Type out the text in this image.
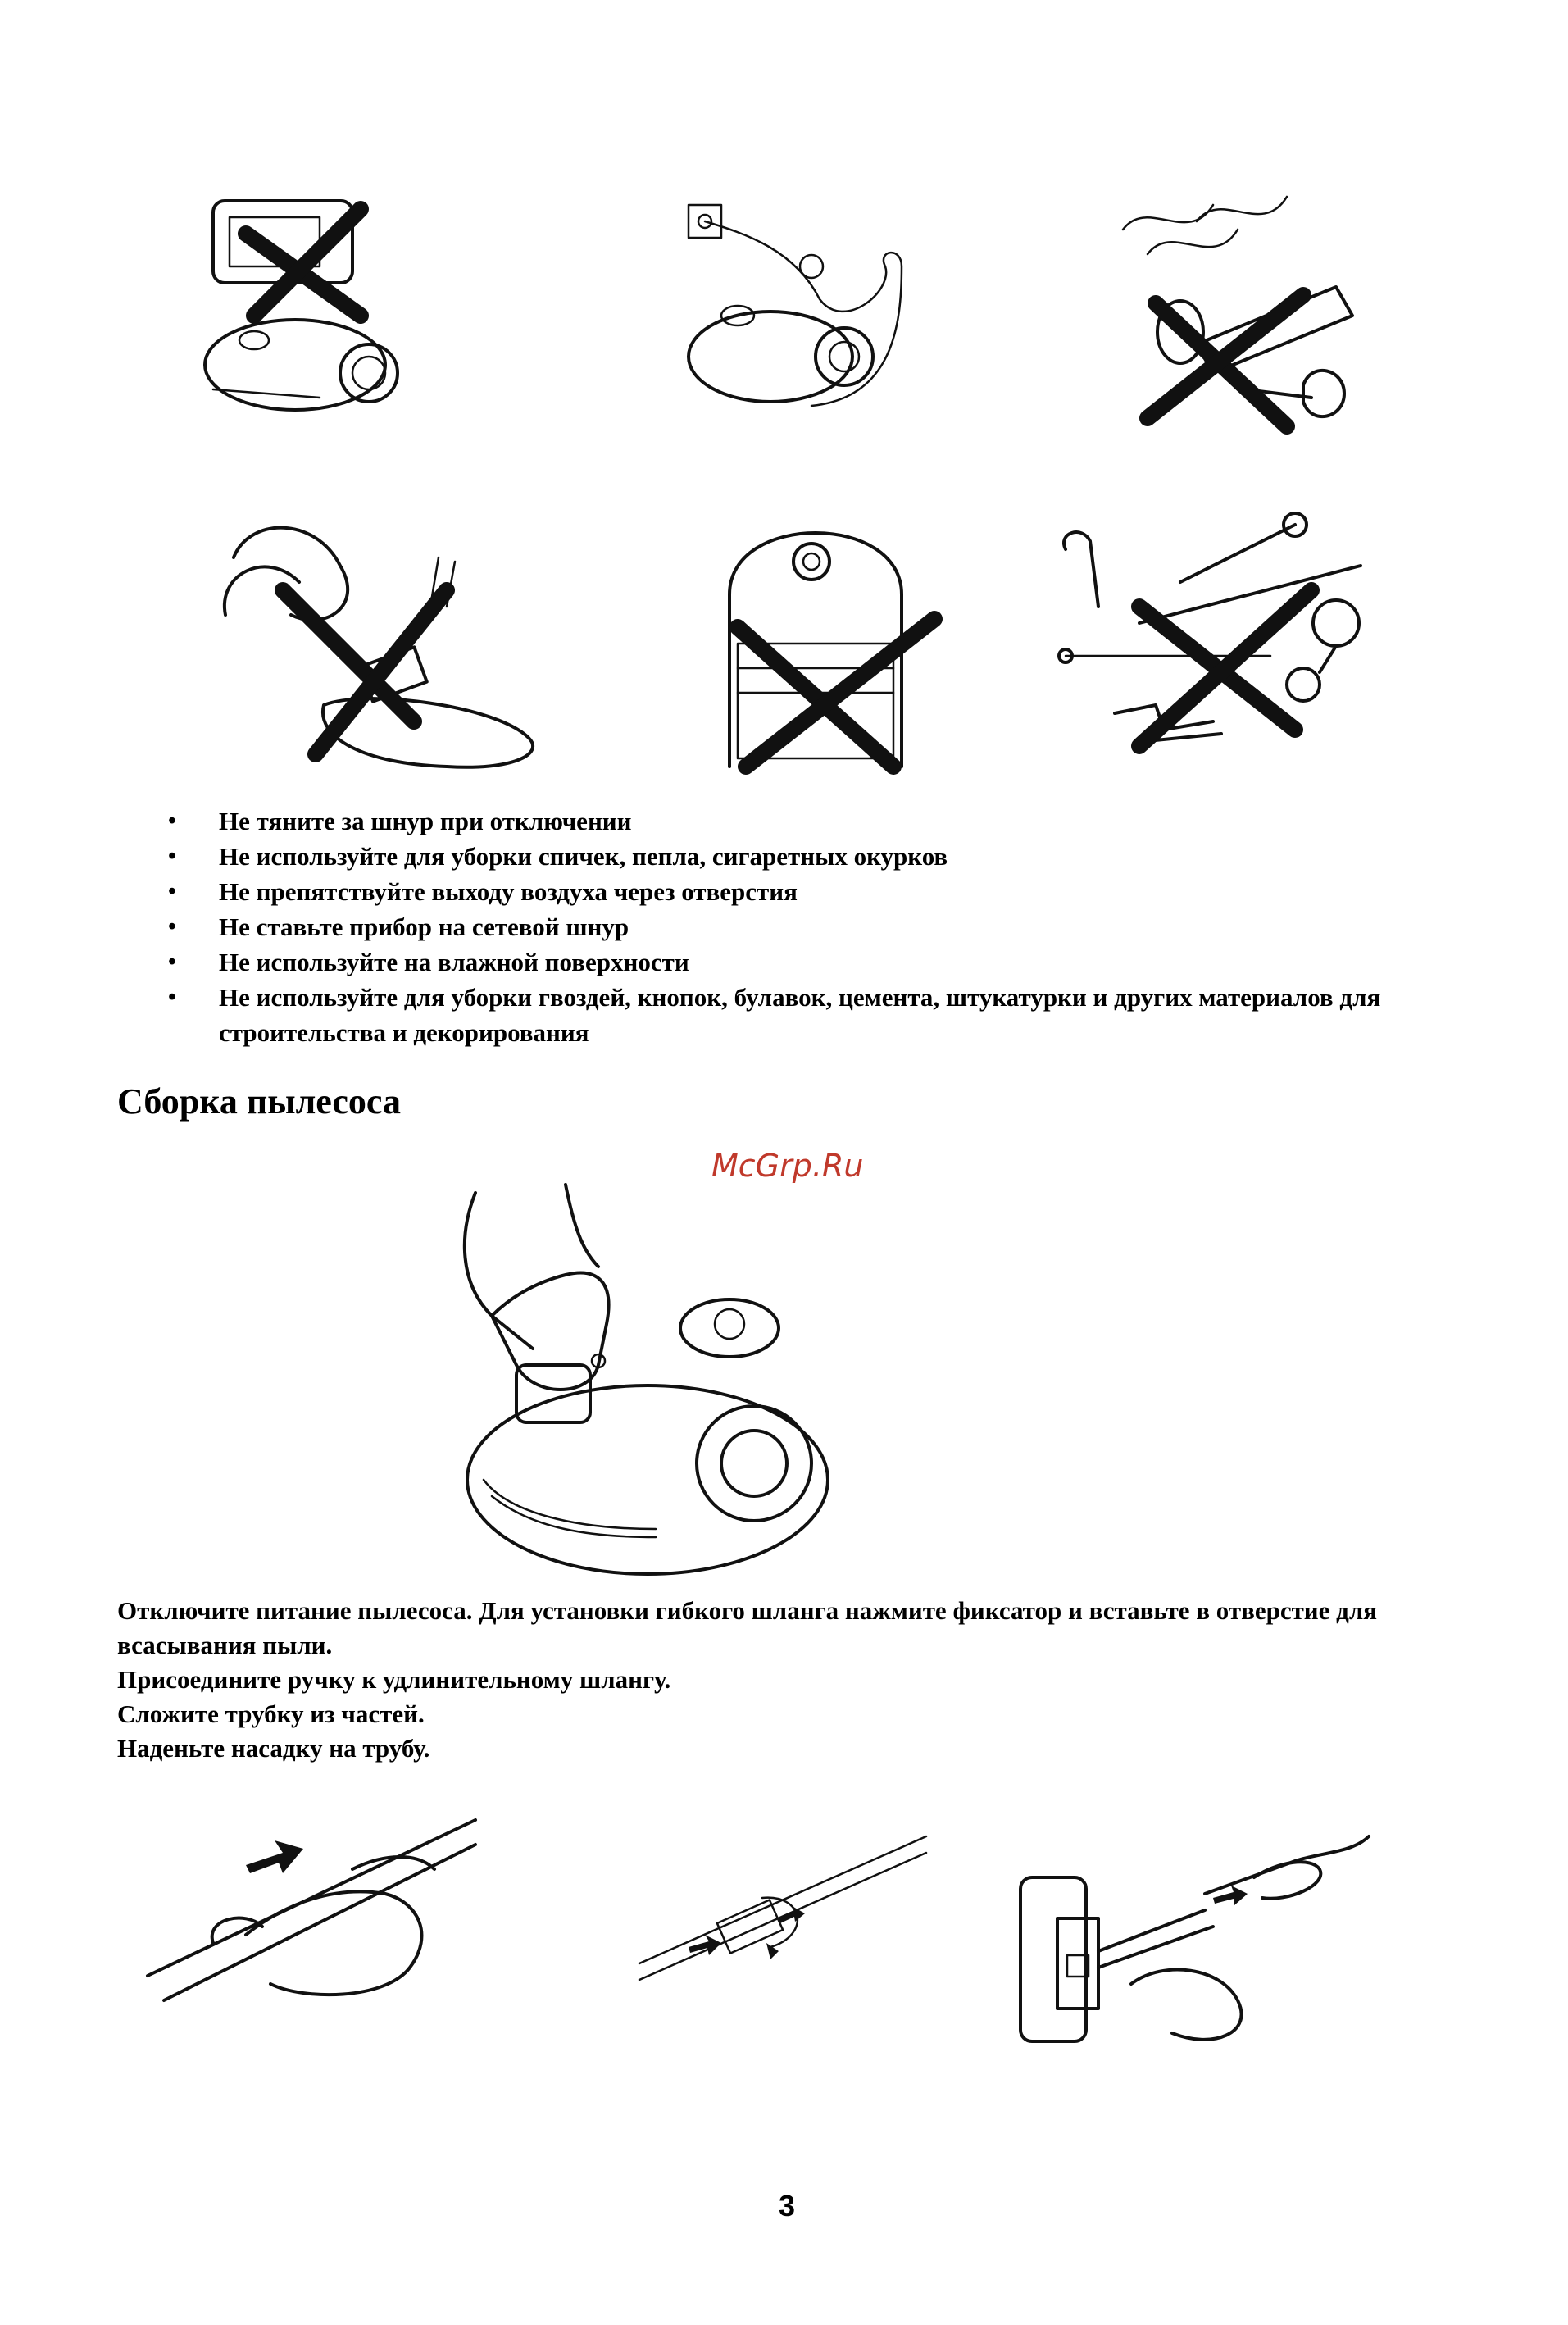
• Не тяните за шнур при отключении
• Не используйте для уборки спичек, пепла, сигаретных окурков
• Не препятствуйте выходу воздуха через отверстия
• Не ставьте прибор на сетевой шнур
• Не используйте на влажной поверхности
• Не используйте для уборки гвоздей, кнопок, булавок, цемента, штукатурки и других материалов для строительства и декорирования
Сборка пылесоса
McGrp.Ru

Отключите питание пылесоса. Для установки гибкого шланга нажмите фиксатор и вставьте в отверстие для всасывания пыли.

Присоедините ручку к удлинительному шлангу.

Сложите трубку из частей.

Наденьте насадку на трубу.

3
